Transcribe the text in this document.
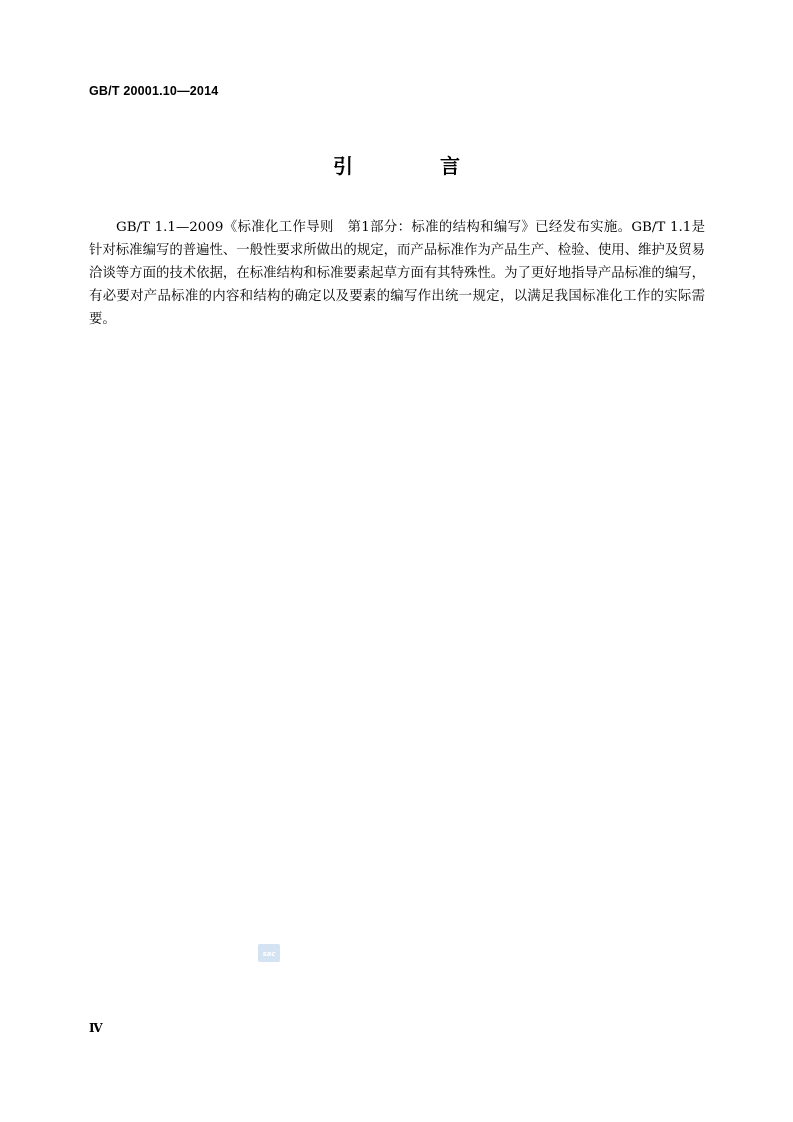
GB/T 20001.10—2014
引 言

GB/T 1.1—2009《标准化工作导则　第1部分：标准的结构和编写》已经发布实施。GB/T 1.1是针对标准编写的普遍性、一般性要求所做出的规定，而产品标准作为产品生产、检验、使用、维护及贸易洽谈等方面的技术依据，在标准结构和标准要素起草方面有其特殊性。为了更好地指导产品标准的编写，有必要对产品标准的内容和结构的确定以及要素的编写作出统一规定，以满足我国标准化工作的实际需要。

sac
Ⅳ
